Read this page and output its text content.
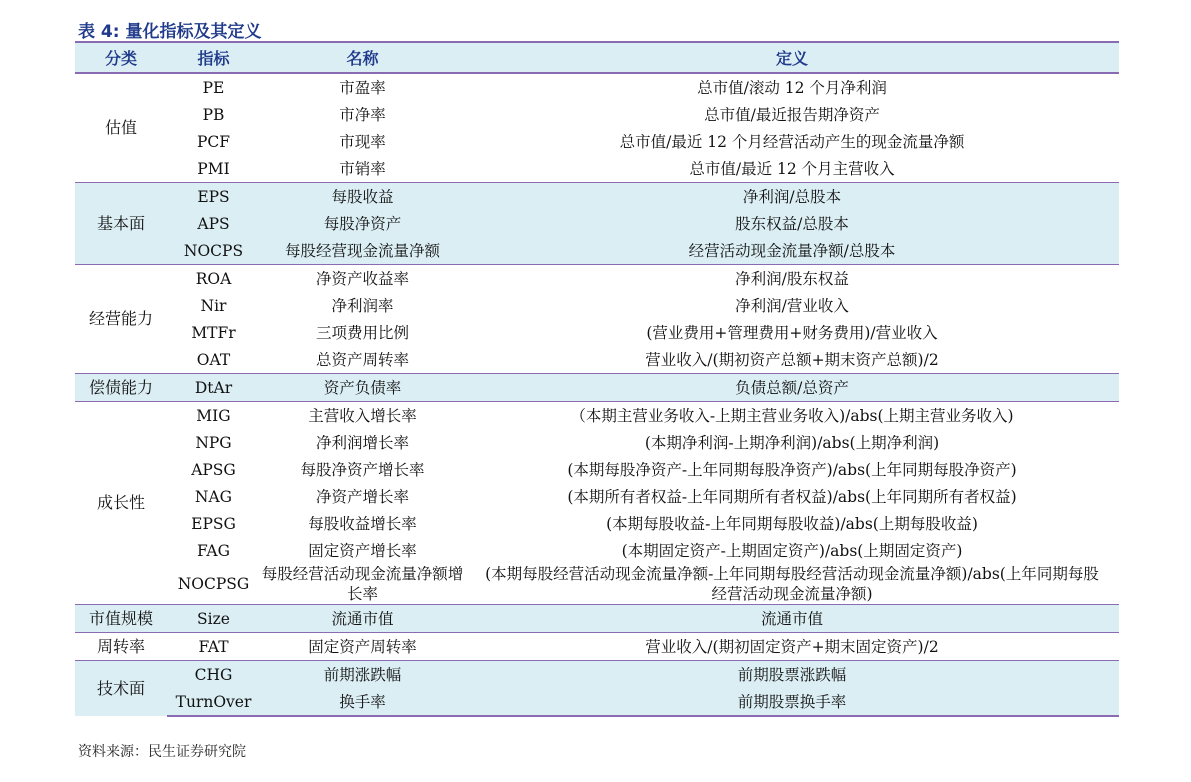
表 4: 量化指标及其定义
分类	指标	名称	定义
估值	PE	市盈率	总市值/滚动 12 个月净利润
	PB	市净率	总市值/最近报告期净资产
	PCF	市现率	总市值/最近 12 个月经营活动产生的现金流量净额
	PMI	市销率	总市值/最近 12 个月主营收入
基本面	EPS	每股收益	净利润/总股本
	APS	每股净资产	股东权益/总股本
	NOCPS	每股经营现金流量净额	经营活动现金流量净额/总股本
经营能力	ROA	净资产收益率	净利润/股东权益
	Nir	净利润率	净利润/营业收入
	MTFr	三项费用比例	(营业费用+管理费用+财务费用)/营业收入
	OAT	总资产周转率	营业收入/(期初资产总额+期末资产总额)/2
偿债能力	DtAr	资产负债率	负债总额/总资产
成长性	MIG	主营收入增长率	（本期主营业务收入-上期主营业务收入)/abs(上期主营业务收入)
	NPG	净利润增长率	(本期净利润-上期净利润)/abs(上期净利润)
	APSG	每股净资产增长率	(本期每股净资产-上年同期每股净资产)/abs(上年同期每股净资产)
	NAG	净资产增长率	(本期所有者权益-上年同期所有者权益)/abs(上年同期所有者权益)
	EPSG	每股收益增长率	(本期每股收益-上年同期每股收益)/abs(上期每股收益)
	FAG	固定资产增长率	(本期固定资产-上期固定资产)/abs(上期固定资产)
	NOCPSG	每股经营活动现金流量净额增长率	(本期每股经营活动现金流量净额-上年同期每股经营活动现金流量净额)/abs(上年同期每股经营活动现金流量净额)
市值规模	Size	流通市值	流通市值
周转率	FAT	固定资产周转率	营业收入/(期初固定资产+期末固定资产)/2
技术面	CHG	前期涨跌幅	前期股票涨跌幅
	TurnOver	换手率	前期股票换手率
资料来源：民生证券研究院
